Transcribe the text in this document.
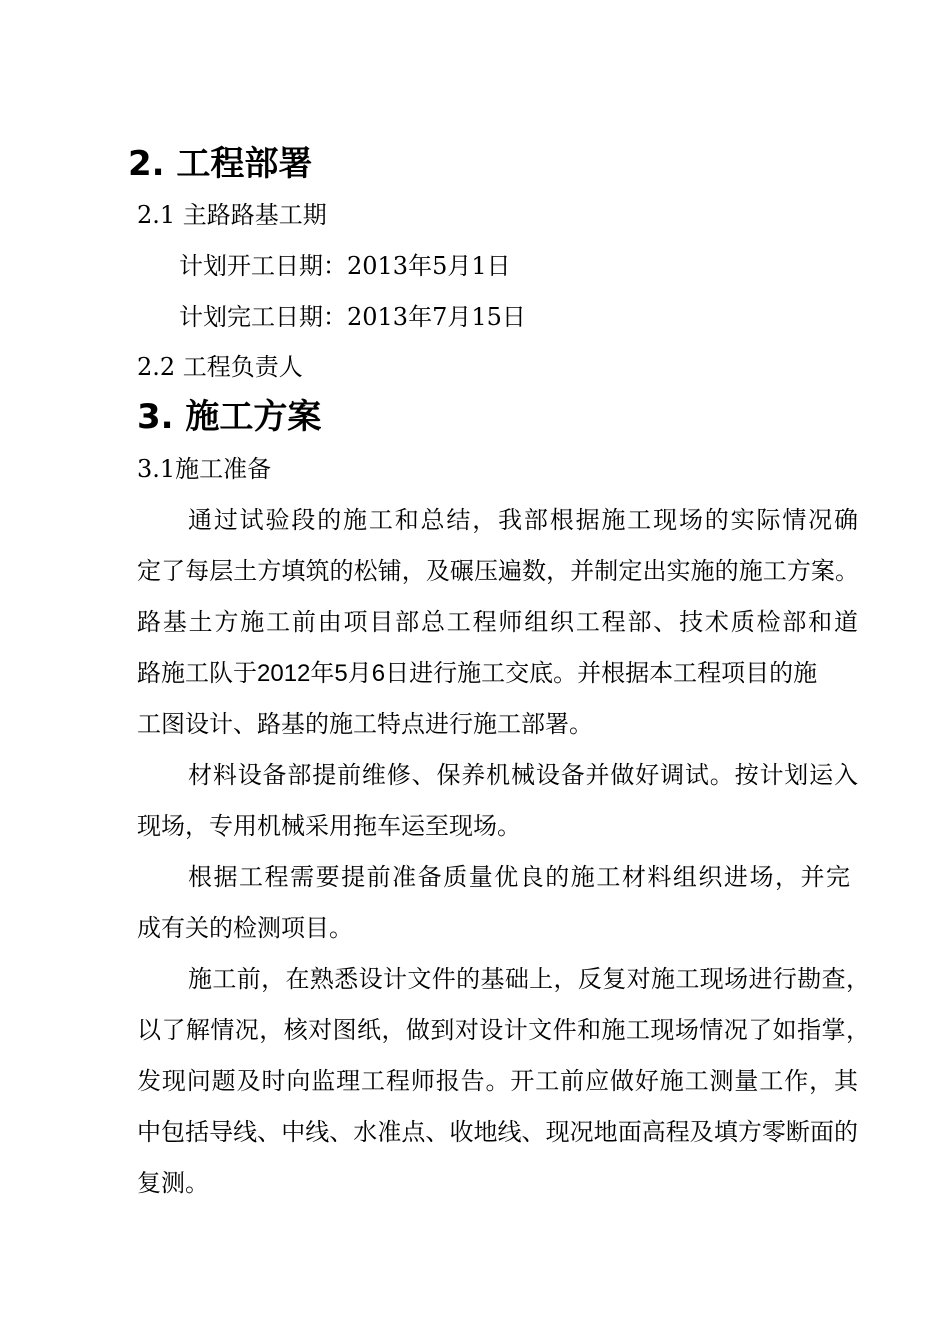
2. 工程部署
2.1 主路路基工期
计划开工日期：2013年5月1日
计划完工日期：2013年7月15日
2.2 工程负责人
3. 施工方案
3.1施工准备
通过试验段的施工和总结，我部根据施工现场的实际情况确
定了每层土方填筑的松铺，及碾压遍数，并制定出实施的施工方案。
路基土方施工前由项目部总工程师组织工程部、技术质检部和道
路施工队于2012年5月6日进行施工交底。并根据本工程项目的施
工图设计、路基的施工特点进行施工部署。
材料设备部提前维修、保养机械设备并做好调试。按计划运入
现场，专用机械采用拖车运至现场。
根据工程需要提前准备质量优良的施工材料组织进场，并完
成有关的检测项目。
施工前，在熟悉设计文件的基础上，反复对施工现场进行勘查，
以了解情况，核对图纸，做到对设计文件和施工现场情况了如指掌，
发现问题及时向监理工程师报告。开工前应做好施工测量工作，其
中包括导线、中线、水准点、收地线、现况地面高程及填方零断面的
复测。
